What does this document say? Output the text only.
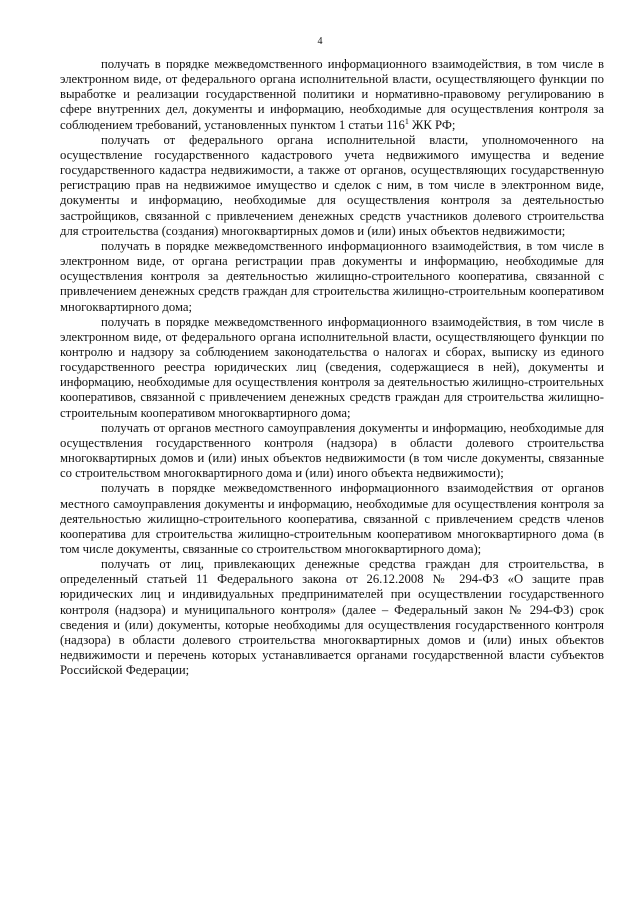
4

получать в порядке межведомственного информационного взаимодействия, в том числе в электронном виде, от федерального органа исполнительной власти, осуществляющего функции по выработке и реализации государственной политики и нормативно-правовому регулированию в сфере внутренних дел, документы и информацию, необходимые для осуществления контроля за соблюдением требований, установленных пунктом 1 статьи $116^1$ ЖК РФ;

получать от федерального органа исполнительной власти, уполномоченного на осуществление государственного кадастрового учета недвижимого имущества и ведение государственного кадастра недвижимости, а также от органов, осуществляющих государственную регистрацию прав на недвижимое имущество и сделок с ним, в том числе в электронном виде, документы и информацию, необходимые для осуществления контроля за деятельностью застройщиков, связанной с привлечением денежных средств участников долевого строительства для строительства (создания) многоквартирных домов и (или) иных объектов недвижимости;

получать в порядке межведомственного информационного взаимодействия, в том числе в электронном виде, от органа регистрации прав документы и информацию, необходимые для осуществления контроля за деятельностью жилищно-строительного кооператива, связанной с привлечением денежных средств граждан для строительства жилищно-строительным кооперативом многоквартирного дома;

получать в порядке межведомственного информационного взаимодействия, в том числе в электронном виде, от федерального органа исполнительной власти, осуществляющего функции по контролю и надзору за соблюдением законодательства о налогах и сборах, выписку из единого государственного реестра юридических лиц (сведения, содержащиеся в ней), документы и информацию, необходимые для осуществления контроля за деятельностью жилищно-строительных кооперативов, связанной с привлечением денежных средств граждан для строительства жилищно-строительным кооперативом многоквартирного дома;

получать от органов местного самоуправления документы и информацию, необходимые для осуществления государственного контроля (надзора) в области долевого строительства многоквартирных домов и (или) иных объектов недвижимости (в том числе документы, связанные со строительством многоквартирного дома и (или) иного объекта недвижимости);

получать в порядке межведомственного информационного взаимодействия от органов местного самоуправления документы и информацию, необходимые для осуществления контроля за деятельностью жилищно-строительного кооператива, связанной с привлечением средств членов кооператива для строительства жилищно-строительным кооперативом многоквартирного дома (в том числе документы, связанные со строительством многоквартирного дома);

получать от лиц, привлекающих денежные средства граждан для строительства, в определенный статьей 11 Федерального закона от 26.12.2008 № 294-ФЗ «О защите прав юридических лиц и индивидуальных предпринимателей при осуществлении государственного контроля (надзора) и муниципального контроля» (далее – Федеральный закон № 294-ФЗ) срок сведения и (или) документы, которые необходимы для осуществления государственного контроля (надзора) в области долевого строительства многоквартирных домов и (или) иных объектов недвижимости и перечень которых устанавливается органами государственной власти субъектов Российской Федерации;
